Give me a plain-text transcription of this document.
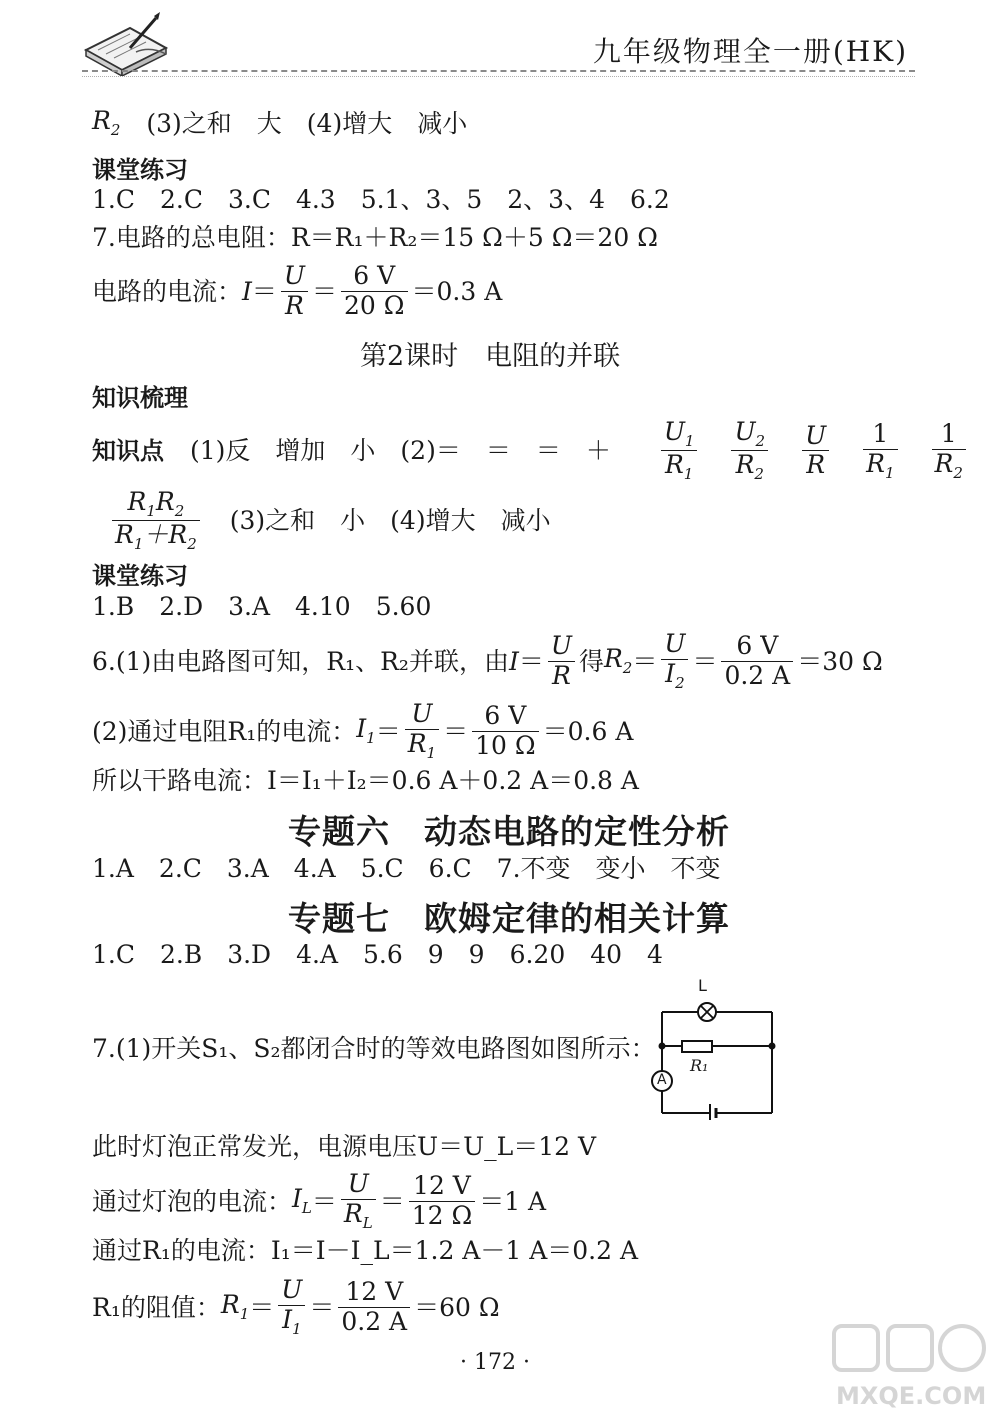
九年级物理全一册(HK)
$R_2$ (3)之和　大　(4)增大　减小
课堂练习
1.C　2.C　3.C　4.3　5.1、3、5　2、3、4　6.2
7.电路的总电阻：R＝R₁＋R₂＝15 Ω＋5 Ω＝20 Ω
电路的电流： $I = \frac{U}{R} = \frac{6 V}{20 \Omega} =0.3$ A
第2课时　电阻的并联
知识梳理
知识点 (1)反　增加　小　(2)＝　＝　＝　＋ $\frac{U_1}{R_1} \frac{U_2}{R_2} \frac{U}{R} \frac{1}{R_1} \frac{1}{R_2}$
$\frac{R_1R_2}{R_1+R_2} (3)$之和　小　(4)增大　减小
课堂练习
1.B　2.D　3.A　4.10　5.60
6.(1)由电路图可知，R₁、R₂并联，由 $I = \frac{U}{R}$ 得 $R_2 = \frac{U}{I_2} = \frac{6 V}{0.2 A} =30$ Ω
(2)通过电阻R₁的电流： $I_1 = \frac{U}{R_1} = \frac{6 V}{10 \Omega} =0.6$ A
所以干路电流：I＝I₁＋I₂＝0.6 A＋0.2 A＝0.8 A
专题六　动态电路的定性分析
1.A　2.C　3.A　4.A　5.C　6.C　7.不变　变小　不变
专题七　欧姆定律的相关计算
1.C　2.B　3.D　4.A　5.6　9　9　6.20　40　4
7.(1)开关S₁、S₂都闭合时的等效电路图如图所示：
L
R₁
A
此时灯泡正常发光，电源电压U＝U_L＝12 V
通过灯泡的电流： $I_L = \frac{U}{R_L} = \frac{12 V}{12 \Omega} =1$ A
通过R₁的电流：I₁＝I－I_L＝1.2 A－1 A＝0.2 A
R₁的阻值： $R_1 = \frac{U}{I_1} = \frac{12 V}{0.2 A} =60$ Ω
· 172 ·
MXQE.COM
